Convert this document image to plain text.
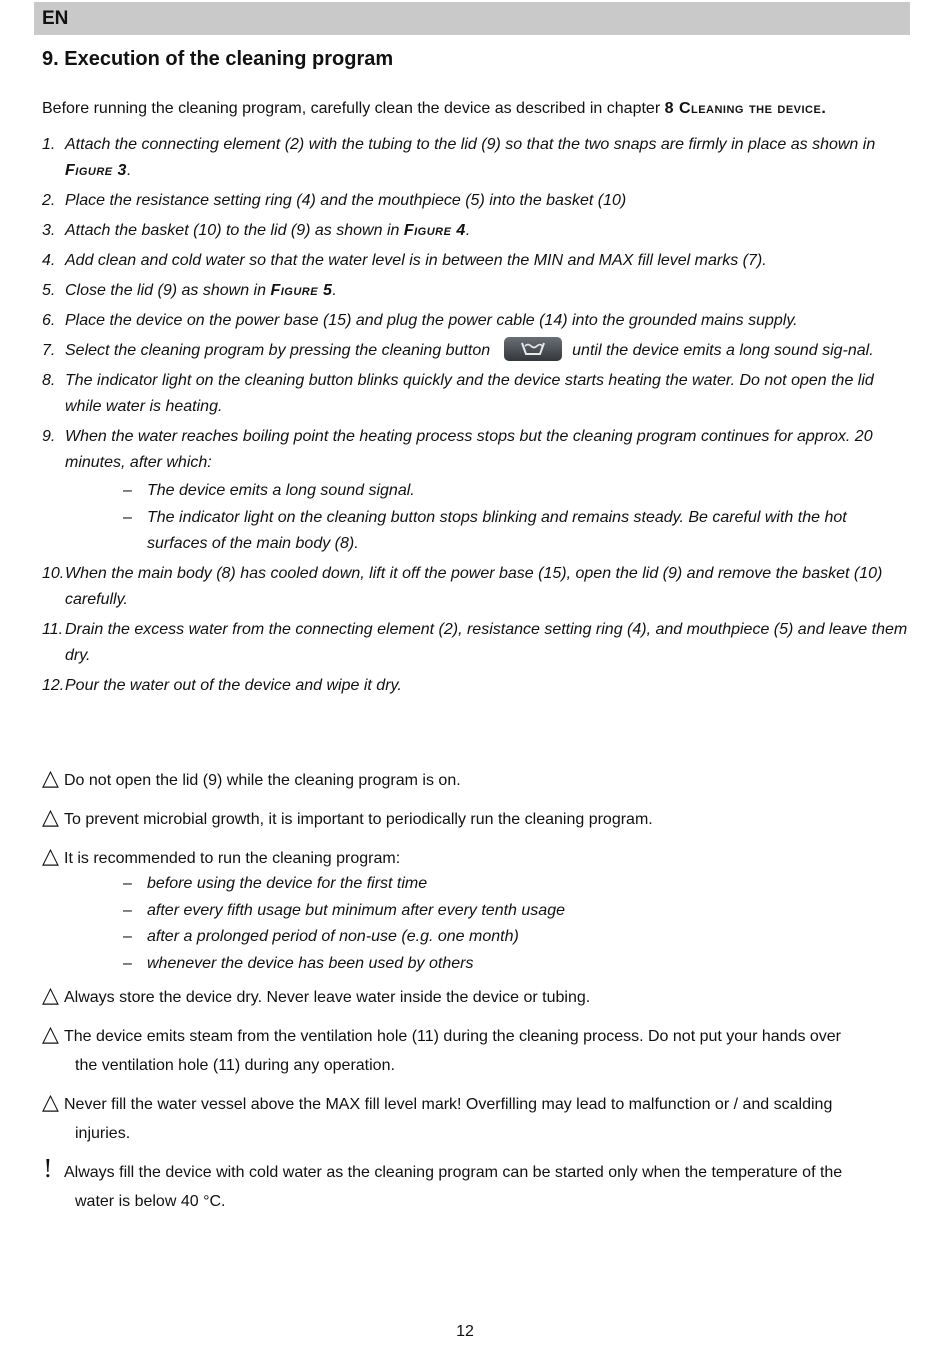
EN
9. Execution of the cleaning program

Before running the cleaning program, carefully clean the device as described in chapter 8 Cleaning the device.

1. Attach the connecting element (2) with the tubing to the lid (9) so that the two snaps are firmly in place as shown in Figure 3.
2. Place the resistance setting ring (4) and the mouthpiece (5) into the basket (10)
3. Attach the basket (10) to the lid (9) as shown in Figure 4.
4. Add clean and cold water so that the water level is in between the MIN and MAX fill level marks (7).
5. Close the lid (9) as shown in Figure 5.
6. Place the device on the power base (15) and plug the power cable (14) into the grounded mains supply.
7. Select the cleaning program by pressing the cleaning button	until the device emits a long sound sig-nal.
8. The indicator light on the cleaning button blinks quickly and the device starts heating the water. Do not open the lid while water is heating.
9. When the water reaches boiling point the heating process stops but the cleaning program continues for approx. 20 minutes, after which:
– The device emits a long sound signal.
– The indicator light on the cleaning button stops blinking and remains steady. Be careful with the hot surfaces of the main body (8).
10. When the main body (8) has cooled down, lift it off the power base (15), open the lid (9) and remove the basket (10) carefully.
11. Drain the excess water from the connecting element (2), resistance setting ring (4), and mouthpiece (5) and leave them dry.
12. Pour the water out of the device and wipe it dry.
△ Do not open the lid (9) while the cleaning program is on.
△ To prevent microbial growth, it is important to periodically run the cleaning program.
△ It is recommended to run the cleaning program:
– before using the device for the first time
– after every fifth usage but minimum after every tenth usage
– after a prolonged period of non-use (e.g. one month)
– whenever the device has been used by others
△ Always store the device dry. Never leave water inside the device or tubing.
△ The device emits steam from the ventilation hole (11) during the cleaning process. Do not put your hands over
the ventilation hole (11) during any operation.
△ Never fill the water vessel above the MAX fill level mark! Overfilling may lead to malfunction or / and scalding
injuries.
! Always fill the device with cold water as the cleaning program can be started only when the temperature of the
water is below 40 °C.
12
